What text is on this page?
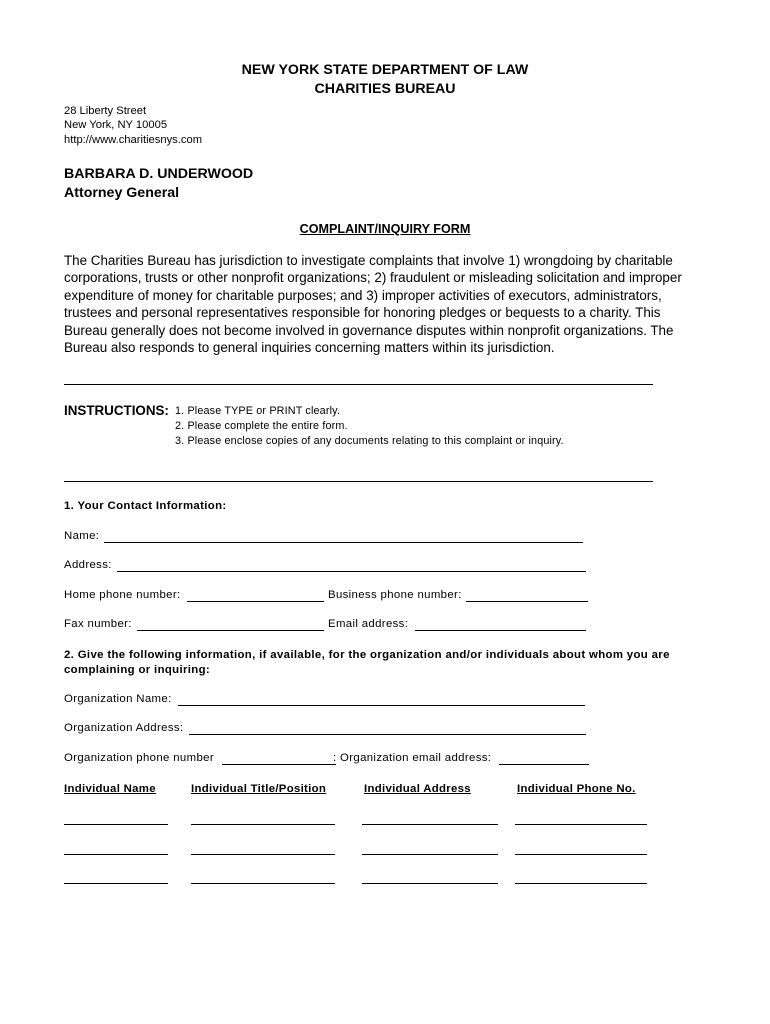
NEW YORK STATE DEPARTMENT OF LAW
CHARITIES BUREAU
28 Liberty Street
New York, NY 10005
http://www.charitiesnys.com
BARBARA D. UNDERWOOD
Attorney General
COMPLAINT/INQUIRY FORM
The Charities Bureau has jurisdiction to investigate complaints that involve 1) wrongdoing by charitable
corporations, trusts or other nonprofit organizations; 2) fraudulent or misleading solicitation and improper
expenditure of money for charitable purposes; and 3) improper activities of executors, administrators,
trustees and personal representatives responsible for honoring pledges or bequests to a charity. This
Bureau generally does not become involved in governance disputes within nonprofit organizations. The
Bureau also responds to general inquiries concerning matters within its jurisdiction.
INSTRUCTIONS: 1. Please TYPE or PRINT clearly.
2. Please complete the entire form.
3. Please enclose copies of any documents relating to this complaint or inquiry.
1. Your Contact Information:
Name:
Address:
Home phone number:	Business phone number:
Fax number:	Email address:
2. Give the following information, if available, for the organization and/or individuals about whom you are
complaining or inquiring:
Organization Name:
Organization Address:
Organization phone number	: Organization email address:
Individual Name	Individual Title/Position	Individual Address	Individual Phone No.
